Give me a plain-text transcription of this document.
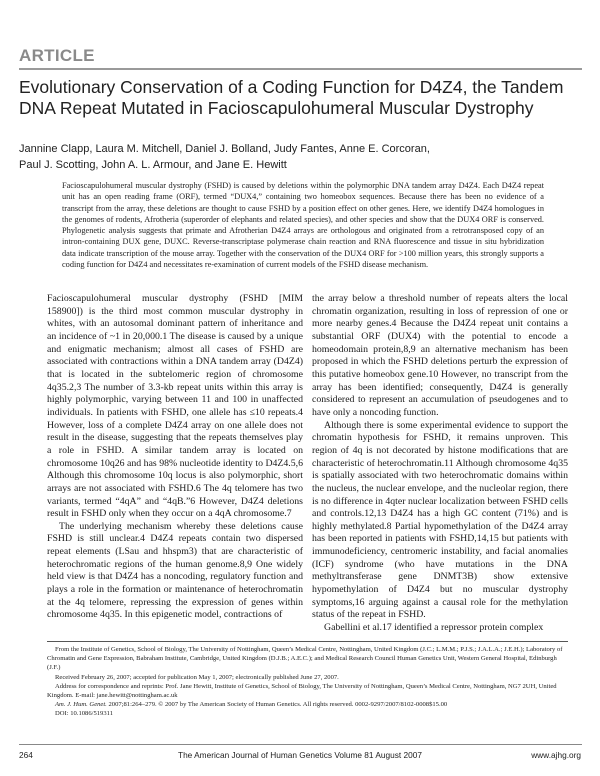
ARTICLE
Evolutionary Conservation of a Coding Function for D4Z4, the Tandem DNA Repeat Mutated in Facioscapulohumeral Muscular Dystrophy
Jannine Clapp, Laura M. Mitchell, Daniel J. Bolland, Judy Fantes, Anne E. Corcoran,
Paul J. Scotting, John A. L. Armour, and Jane E. Hewitt

Facioscapulohumeral muscular dystrophy (FSHD) is caused by deletions within the polymorphic DNA tandem array D4Z4. Each D4Z4 repeat unit has an open reading frame (ORF), termed “DUX4,” containing two homeobox sequences. Because there has been no evidence of a transcript from the array, these deletions are thought to cause FSHD by a position effect on other genes. Here, we identify D4Z4 homologues in the genomes of rodents, Afrotheria (superorder of elephants and related species), and other species and show that the DUX4 ORF is conserved. Phylogenetic analysis suggests that primate and Afrotherian D4Z4 arrays are orthologous and originated from a retrotransposed copy of an intron-containing DUX gene, DUXC. Reverse-transcriptase polymerase chain reaction and RNA fluorescence and tissue in situ hybridization data indicate transcription of the mouse array. Together with the conservation of the DUX4 ORF for >100 million years, this strongly supports a coding function for D4Z4 and necessitates re-examination of current models of the FSHD disease mechanism.

Facioscapulohumeral muscular dystrophy (FSHD [MIM 158900]) is the third most common muscular dystrophy in whites, with an autosomal dominant pattern of inheritance and an incidence of ~1 in 20,000.1 The disease is caused by a unique and enigmatic mechanism; almost all cases of FSHD are associated with contractions within a DNA tandem array (D4Z4) that is located in the subtelomeric region of chromosome 4q35.2,3 The number of 3.3-kb repeat units within this array is highly polymorphic, varying between 11 and 100 in unaffected individuals. In patients with FSHD, one allele has ≤10 repeats.4 However, loss of a complete D4Z4 array on one allele does not result in the disease, suggesting that the repeats themselves play a role in FSHD. A similar tandem array is located on chromosome 10q26 and has 98% nucleotide identity to D4Z4.5,6 Although this chromosome 10q locus is also polymorphic, short arrays are not associated with FSHD.6 The 4q telomere has two variants, termed “4qA” and “4qB.”6 However, D4Z4 deletions result in FSHD only when they occur on a 4qA chromosome.7

The underlying mechanism whereby these deletions cause FSHD is still unclear.4 D4Z4 repeats contain two dispersed repeat elements (LSau and hhspm3) that are characteristic of heterochromatic regions of the human genome.8,9 One widely held view is that D4Z4 has a noncoding, regulatory function and plays a role in the formation or maintenance of heterochromatin at the 4q telomere, repressing the expression of genes within chromosome 4q35. In this epigenetic model, contractions of

the array below a threshold number of repeats alters the local chromatin organization, resulting in loss of repression of one or more nearby genes.4 Because the D4Z4 repeat unit contains a substantial ORF (DUX4) with the potential to encode a homeodomain protein,8,9 an alternative mechanism has been proposed in which the FSHD deletions perturb the expression of this putative homeobox gene.10 However, no transcript from the array has been identified; consequently, D4Z4 is generally considered to represent an accumulation of pseudogenes and to have only a noncoding function.

Although there is some experimental evidence to support the chromatin hypothesis for FSHD, it remains unproven. This region of 4q is not decorated by histone modifications that are characteristic of heterochromatin.11 Although chromosome 4q35 is spatially associated with two heterochromatic domains within the nucleus, the nuclear envelope, and the nucleolar region, there is no difference in 4qter nuclear localization between FSHD cells and controls.12,13 D4Z4 has a high GC content (71%) and is highly methylated.8 Partial hypomethylation of the D4Z4 array has been reported in patients with FSHD,14,15 but patients with immunodeficiency, centromeric instability, and facial anomalies (ICF) syndrome (who have mutations in the DNA methyltransferase gene DNMT3B) show extensive hypomethylation of D4Z4 but no muscular dystrophy symptoms,16 arguing against a causal role for the methylation status of the repeat in FSHD.

Gabellini et al.17 identified a repressor protein complex

From the Institute of Genetics, School of Biology, The University of Nottingham, Queen’s Medical Centre, Nottingham, United Kingdom (J.C.; L.M.M.; P.J.S.; J.A.L.A.; J.E.H.); Laboratory of Chromatin and Gene Expression, Babraham Institute, Cambridge, United Kingdom (D.J.B.; A.E.C.); and Medical Research Council Human Genetics Unit, Western General Hospital, Edinburgh (J.F.)

Received February 26, 2007; accepted for publication May 1, 2007; electronically published June 27, 2007.

Address for correspondence and reprints: Prof. Jane Hewitt, Institute of Genetics, School of Biology, The University of Nottingham, Queen’s Medical Centre, Nottingham, NG7 2UH, United Kingdom. E-mail: jane.hewitt@nottingham.ac.uk

Am. J. Hum. Genet. 2007;81:264–279. © 2007 by The American Society of Human Genetics. All rights reserved. 0002-9297/2007/8102-0008$15.00

DOI: 10.1086/519311

264	The American Journal of Human Genetics Volume 81 August 2007	www.ajhg.org
